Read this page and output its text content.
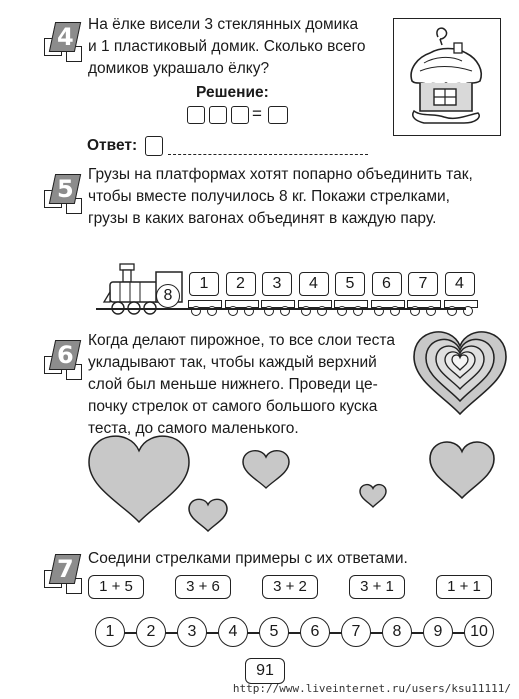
4 На ёлке висели 3 стеклянных домика
и 1 пластиковый домик. Сколько всего
домиков украшало ёлку?
Решение:
=
Ответ:
5
Грузы на платформах хотят попарно объединить так,
чтобы вместе получилось 8 кг. Покажи стрелками,
грузы в каких вагонах объединят в каждую пару.
8
1	2	3	4	5	6	7	4
6
Когда делают пирожное, то все слои теста
укладывают так, чтобы каждый верхний
слой был меньше нижнего. Проведи це-
почку стрелок от самого большого куска
теста, до самого маленького.
7 Соедини стрелками примеры с их ответами.
1 + 5	3 + 6	3 + 2	3 + 1	1 + 1
1	2	3	4	5	6	7	8	9	10
91
http://www.liveinternet.ru/users/ksu11111/
